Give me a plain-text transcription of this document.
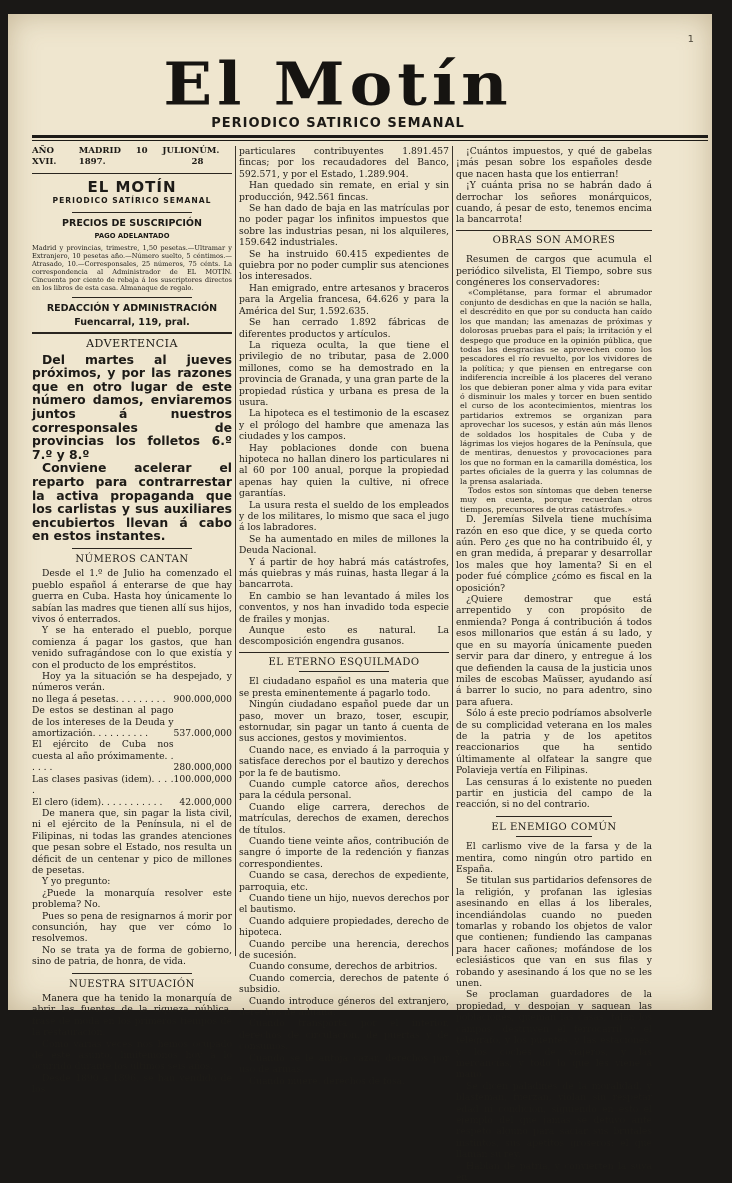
1
El Motín
PERIODICO SATIRICO SEMANAL
AÑO XVII.
MADRID 10 JULIO 1897.
NÚM. 28
EL MOTÍN
PERIODICO SATÍRICO SEMANAL
PRECIOS DE SUSCRIPCIÓN
PAGO ADELANTADO
Madrid y provincias, trimestre, 1,50 pesetas.—Ultramar y Extranjero, 10 pesetas año.—Número suelto, 5 céntimos.— Atrasado, 10.—Corresponsales, 25 números, 75 cénts. La correspondencia al Administrador de EL MOTÍN. Cincuenta por ciento de rebaja á los suscriptores directos en los libros de esta casa. Almanaque de regalo.
REDACCIÓN Y ADMINISTRACIÓN
Fuencarral, 119, pral.
ADVERTENCIA

Del martes al jueves próximos, y por las razones que en otro lugar de este número damos, enviaremos juntos á nuestros corresponsales de provincias los folletos 6.º 7.º y 8.º

Conviene acelerar el reparto para contrarrestar la activa propaganda que los carlistas y sus auxiliares encubiertos llevan á cabo en estos instantes.

NÚMEROS CANTAN

Desde el 1.º de Julio ha comenzado el pueblo español á enterarse de que hay guerra en Cuba. Hasta hoy únicamente lo sabían las madres que tienen allí sus hijos, vivos ó enterrados.

Y se ha enterado el pueblo, porque comienza á pagar los gastos, que han venido sufragándose con lo que existía y con el producto de los empréstitos.

Hoy ya la situación se ha despejado, y números verán.

no llega á pesetas. . . . . . . . . 900.000,000
De estos se destinan al pago de los intereses de la Deuda y amortización. . . . . . . . . .	537.000,000
El ejército de Cuba nos cuesta al año próximamente. . . . . .	280.000,000
Las clases pasivas (idem). . . . .
100.000,000
El clero (idem). . . . . . . . . . .	42.000,000

De manera que, sin pagar la lista civil, ni el ejército de la Península, ni el de Filipinas, ni todas las grandes atenciones que pesan sobre el Estado, nos resulta un déficit de un centenar y pico de millones de pesetas.

Y yo pregunto:

¿Puede la monarquía resolver este problema? No.

Pues so pena de resignarnos á morir por consunción, hay que ver cómo lo resolvemos.

No se trata ya de forma de gobierno, sino de patria, de honra, de vida.

NUESTRA SITUACIÓN

Manera que ha tenido la monarquía de abrir las fuentes de la riqueza pública, frase de moda en los primeros tiempos de la restauración.

Como varias veces nos hemos ocupado de este asunto, limitémonos hoy á lo ocurrido durante los últimos seis años.

Desde 1890 á 1896, se han vendido de los

particulares contribuyentes 1.891.457 fincas; por los recaudadores del Banco, 592.571, y por el Estado, 1.289.904.

Han quedado sin remate, en erial y sin producción, 942.561 fincas.

Se han dado de baja en las matrículas por no poder pagar los infinitos impuestos que sobre las industrias pesan, ni los alquileres, 159.642 industriales.

Se ha instruido 60.415 expedientes de quiebra por no poder cumplir sus atenciones los interesados.

Han emigrado, entre artesanos y braceros para la Argelia francesa, 64.626 y para la América del Sur, 1.592.635.

Se han cerrado 1.892 fábricas de diferentes productos y artículos.

La riqueza oculta, la que tiene el privilegio de no tributar, pasa de 2.000 millones, como se ha demostrado en la provincia de Granada, y una gran parte de la propiedad rústica y urbana es presa de la usura.

La hipoteca es el testimonio de la escasez y el prólogo del hambre que amenaza las ciudades y los campos.

Hay poblaciones donde con buena hipoteca no hallan dinero los particulares ni al 60 por 100 anual, porque la propiedad apenas hay quien la cultive, ni ofrece garantías.

La usura resta el sueldo de los empleados y de los militares, lo mismo que saca el jugo á los labradores.

Se ha aumentado en miles de millones la Deuda Nacional.

Y á partir de hoy habrá más catástrofes, más quiebras y más ruinas, hasta llegar á la bancarrota.

En cambio se han levantado á miles los conventos, y nos han invadido toda especie de frailes y monjas.

Aunque esto es natural. La descomposición engendra gusanos.

EL ETERNO ESQUILMADO

El ciudadano español es una materia que se presta eminentemente á pagarlo todo.

Ningún ciudadano español puede dar un paso, mover un brazo, toser, escupir, estornudar, sin pagar un tanto á cuenta de sus acciones, gestos y movimientos.

Cuando nace, es enviado á la parroquia y satisface derechos por el bautizo y derechos por la fe de bautismo.

Cuando cumple catorce años, derechos para la cédula personal.

Cuando elige carrera, derechos de matrículas, derechos de examen, derechos de títulos.

Cuando tiene veinte años, contribución de sangre ó importe de la redención y fianzas correspondientes.

Cuando se casa, derechos de expediente, parroquia, etc.

Cuando tiene un hijo, nuevos derechos por el bautismo.

Cuando adquiere propiedades, derecho de hipoteca.

Cuando percibe una herencia, derechos de sucesión.

Cuando consume, derechos de arbitrios.

Cuando comercia, derechos de patente ó subsidio.

Cuando introduce géneros del extranjero, derechos de aduana.

Cuando transporta por el interior, derechos de circulación, de puertas y de consumos.

Cuando se le antoja cazar, derechos por uso de armas.

Cuando muere, derechos de fosa.

¡Cuántos impuestos, y qué de gabelas ¡más pesan sobre los españoles desde que nacen hasta que los entierran!

¡Y cuánta prisa no se habrán dado á derrochar los señores monárquicos, cuando, á pesar de esto, tenemos encima la bancarrota!

OBRAS SON AMORES

Resumen de cargos que acumula el periódico silvelista, El Tiempo, sobre sus congéneres los conservadores:

«Complétanse, para formar el abrumador conjunto de desdichas en que la nación se halla, el descrédito en que por su conducta han caído los que mandan; las amenazas de próximas y dolorosas pruebas para el país; la irritación y el despego que produce en la opinión pública, que todas las desgracias se aprovechen como los pescadores el río revuelto, por los vividores de la política; y que piensen en entregarse con indiferencia increíble á los placeres del verano los que debieran poner alma y vida para evitar ó disminuir los males y torcer en buen sentido el curso de los acontecimientos, mientras los partidarios extremos se organizan para aprovechar los sucesos, y están aún más llenos de soldados los hospitales de Cuba y de lágrimas los viejos hogares de la Península, que de mentiras, denuestos y provocaciones para los que no forman en la camarilla doméstica, los partes oficiales de la guerra y las columnas de la prensa asalariada.

Todos estos son síntomas que deben tenerse muy en cuenta, porque recuerdan otros tiempos, precursores de otras catástrofes.»

D. Jeremías Silvela tiene muchísima razón en eso que dice, y se queda corto aún. Pero ¿es que no ha contribuido él, y en gran medida, á preparar y desarrollar los males que hoy lamenta? Si en el poder fué cómplice ¿cómo es fiscal en la oposición?

¿Quiere demostrar que está arrepentido y con propósito de enmienda? Ponga á contribución á todos esos millonarios que están á su lado, y que en su mayoría únicamente pueden servir para dar dinero, y entregue á los que defienden la causa de la justicia unos miles de escobas Maüsser, ayudando así á barrer lo sucio, no para adentro, sino para afuera.

Sólo á este precio podríamos absolverle de su complicidad veterana en los males de la patria y de los apetitos reaccionarios que ha sentido últimamente al olfatear la sangre que Polavieja vertía en Filipinas.

Las censuras á lo existente no pueden partir en justicia del campo de la reacción, si no del contrario.

EL ENEMIGO COMÚN

El carlismo vive de la farsa y de la mentira, como ningún otro partido en España.

Se titulan sus partidarios defensores de la religión, y profanan las iglesias asesinando en ellas á los liberales, incendiándolas cuando no pueden tomarlas y robando los objetos de valor que contienen; fundiendo las campanas para hacer cañones; mofándose de los eclesiásticos que van en sus filas y robando y asesinando á los que no se les unen.

Se proclaman guardadores de la propiedad, y despojan y saquean las poblaciones, queman las casas, talan los campos, destruyen el ferrocarril y el telégrafo, y los puentes, y las estaciones, y los coches de viajeros, y las mercancías, y todo lo que les viene á mano.

Se dicen paladines de la moralidad, y blasfeman, fuerzan, violan sin respetar edad ni condición, siguiendo en esto el ejemplo del que jamás se detuvo ante respeto alguno para saciar sus brutales instintos, sus apetitos groseros: el que llaman su rey.

Hablan de patria, y convierten la suya en
